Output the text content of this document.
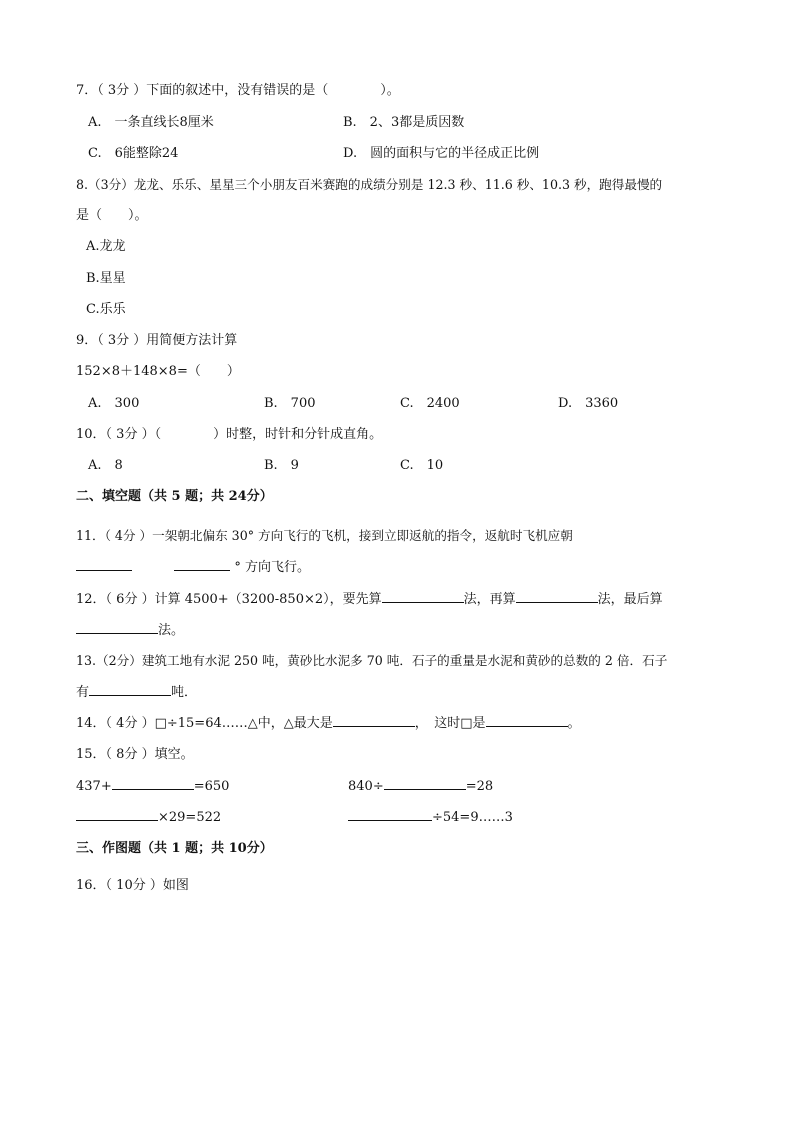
7．（ 3分 ）下面的叙述中，没有错误的是（　　　　）。
A.　一条直线长8厘米	B.　2、3都是质因数
C.　6能整除24	D.　圆的面积与它的半径成正比例
8.（3分）龙龙、乐乐、星星三个小朋友百米赛跑的成绩分别是 12.3 秒、11.6 秒、10.3 秒，跑得最慢的
是（　　）。
A.龙龙
B.星星
C.乐乐
9．（ 3分 ）用简便方法计算
152×8＋148×8=（　　）
A.　300	B.　700	C.　2400	D.　3360
10．（ 3分 ）（　　　　）时整，时针和分针成直角。
A.　8	B.　9	C.　10
二、填空题（共 5 题；共 24分）
11．（ 4分 ）一架朝北偏东 30° 方向飞行的飞机，接到立即返航的指令，返航时飞机应朝
° 方向飞行。
12．（ 6分 ）计算 4500+（3200-850×2），要先算	法，再算	法，最后算
法。
13.（2分）建筑工地有水泥 250 吨，黄砂比水泥多 70 吨．石子的重量是水泥和黄砂的总数的 2 倍．石子
有	吨．
14．（ 4分 ）□÷15=64……△中，△最大是	，　这时□是	。
15．（ 8分 ）填空。
437+	=650	840÷	=28
×29=522	÷54=9……3
三、作图题（共 1 题；共 10分）
16．（ 10分 ）如图
